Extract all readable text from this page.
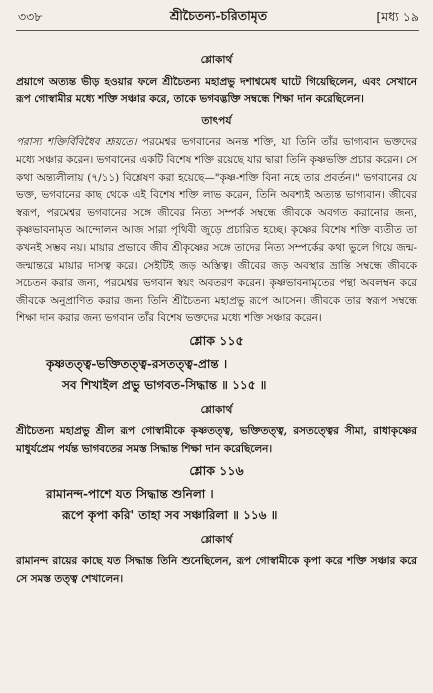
৩৩৮	শ্রীচৈতন্য-চরিতামৃত	[মধ্য ১৯
শ্লোকার্থ

প্রয়াগে অত্যন্ত ভীড় হওয়ার ফলে শ্রীচৈতন্য মহাপ্রভু দশাশ্বমেধ ঘাটে গিয়েছিলেন, এবং সেখানে রূপ গোস্বামীর মধ্যে শক্তি সঞ্চার করে, তাকে ভগবদ্ভক্তি সম্বন্ধে শিক্ষা দান করেছিলেন।

তাৎপর্য

পরাস্য শক্তির্বিবিধৈব শ্রূয়তে। পরমেশ্বর ভগবানের অনন্ত শক্তি, যা তিনি তাঁর ভাগ্যবান ভক্তদের মধ্যে সঞ্চার করেন। ভগবানের একটি বিশেষ শক্তি রয়েছে যার দ্বারা তিনি কৃষ্ণভক্তি প্রচার করেন। সে কথা অন্ত্যলীলায় (৭/১১) বিশ্লেষণ করা হয়েছে—"কৃষ্ণ-শক্তি বিনা নহে তার প্রবর্তন।" ভগবানের যে ভক্ত, ভগবানের কাছ থেকে এই বিশেষ শক্তি লাভ করেন, তিনি অবশ্যই অত্যন্ত ভাগ্যবান। জীবের স্বরূপ, পরমেশ্বর ভগবানের সঙ্গে জীবের নিত্য সম্পর্ক সম্বন্ধে জীবকে অবগত করানোর জন্য, কৃষ্ণভাবনামৃত আন্দোলন আজ সারা পৃথিবী জুড়ে প্রচারিত হচ্ছে। কৃষ্ণের বিশেষ শক্তি ব্যতীত তা কখনই সম্ভব নয়। মায়ার প্রভাবে জীব শ্রীকৃষ্ণের সঙ্গে তাদের নিত্য সম্পর্কের কথা ভুলে গিয়ে জন্ম-জন্মান্তরে মায়ার দাসত্ব করে। সেইটিই জড় অস্তিত্ব। জীবের জড় অবস্থার ভ্রান্তি সম্বন্ধে জীবকে সচেতন করার জন্য, পরমেশ্বর ভগবান স্বয়ং অবতরণ করেন। কৃষ্ণভাবনামৃতের পন্থা অবলম্বন করে জীবকে অনুপ্রাণিত করার জন্য তিনি শ্রীচৈতন্য মহাপ্রভু রূপে আসেন। জীবকে তার স্বরূপ সম্বন্ধে শিক্ষা দান করার জন্য ভগবান তাঁর বিশেষ ভক্তদের মধ্যে শক্তি সঞ্চার করেন।

শ্লোক ১১৫
কৃষ্ণতত্ত্ব-ভক্তিতত্ত্ব-রসতত্ত্ব-প্রান্ত ।
সব শিখাইল প্রভু ভাগবত-সিদ্ধান্ত ॥ ১১৫ ॥
শ্লোকার্থ

শ্রীচৈতন্য মহাপ্রভু শ্রীল রূপ গোস্বামীকে কৃষ্ণতত্ত্ব, ভক্তিতত্ত্ব, রসতত্ত্বের সীমা, রাধাকৃষ্ণের মাধুর্যপ্রেম পর্যন্ত ভাগবতের সমস্ত সিদ্ধান্ত শিক্ষা দান করেছিলেন।

শ্লোক ১১৬
রামানন্দ-পাশে যত সিদ্ধান্ত শুনিলা ।
রূপে কৃপা করি' তাহা সব সঞ্চারিলা ॥ ১১৬ ॥
শ্লোকার্থ

রামানন্দ রায়ের কাছে যত সিদ্ধান্ত তিনি শুনেছিলেন, রূপ গোস্বামীকে কৃপা করে শক্তি সঞ্চার করে সে সমস্ত তত্ত্ব শেখালেন।
